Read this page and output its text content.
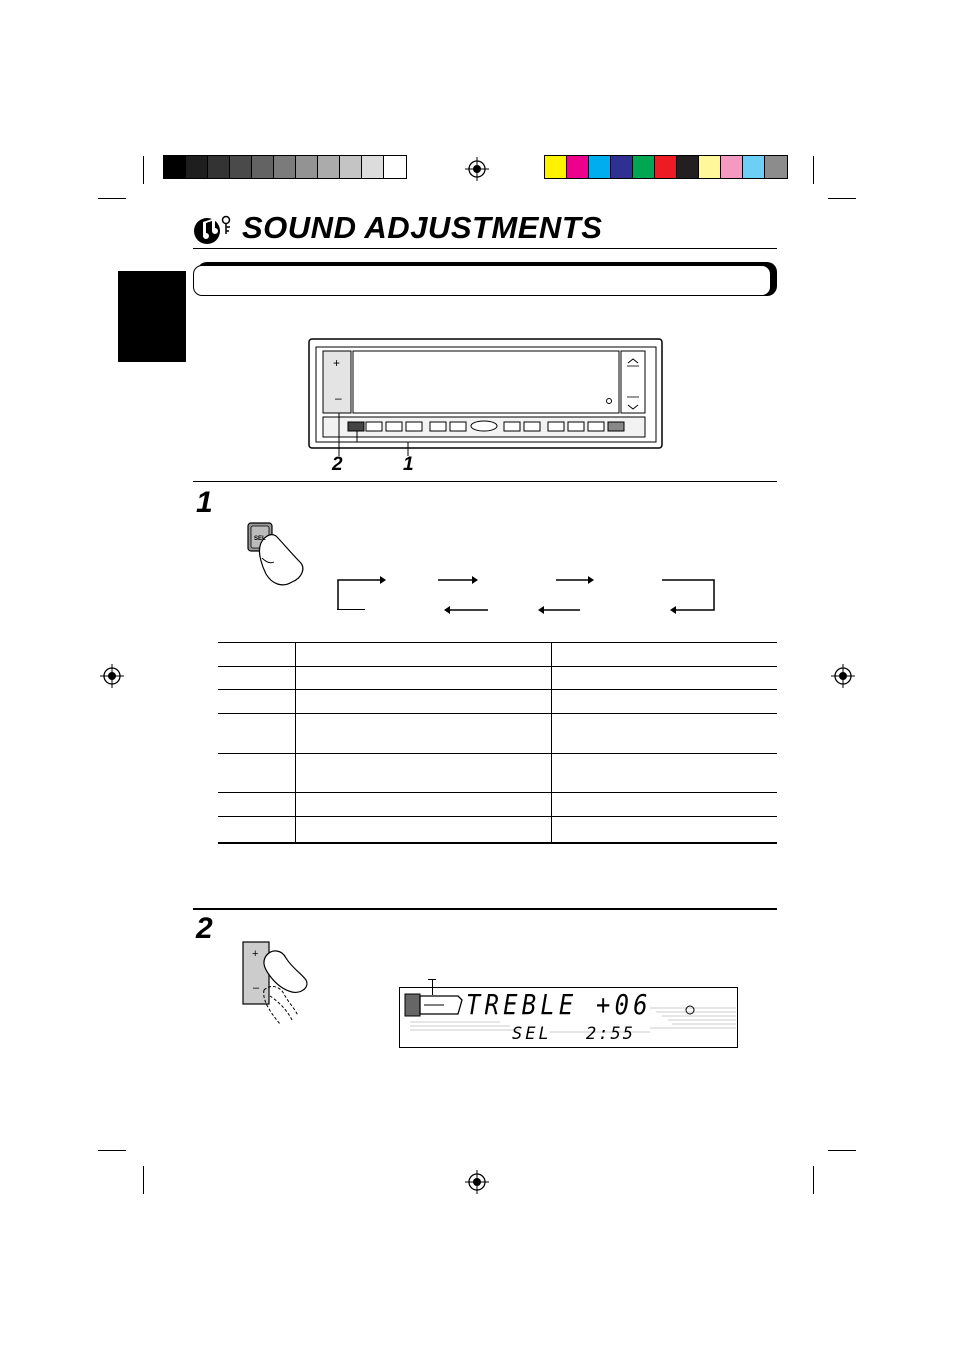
SOUND ADJUSTMENTS
+
–
2	1
1
SEL
2
+
–	TREBLE +06
SEL 2:55
